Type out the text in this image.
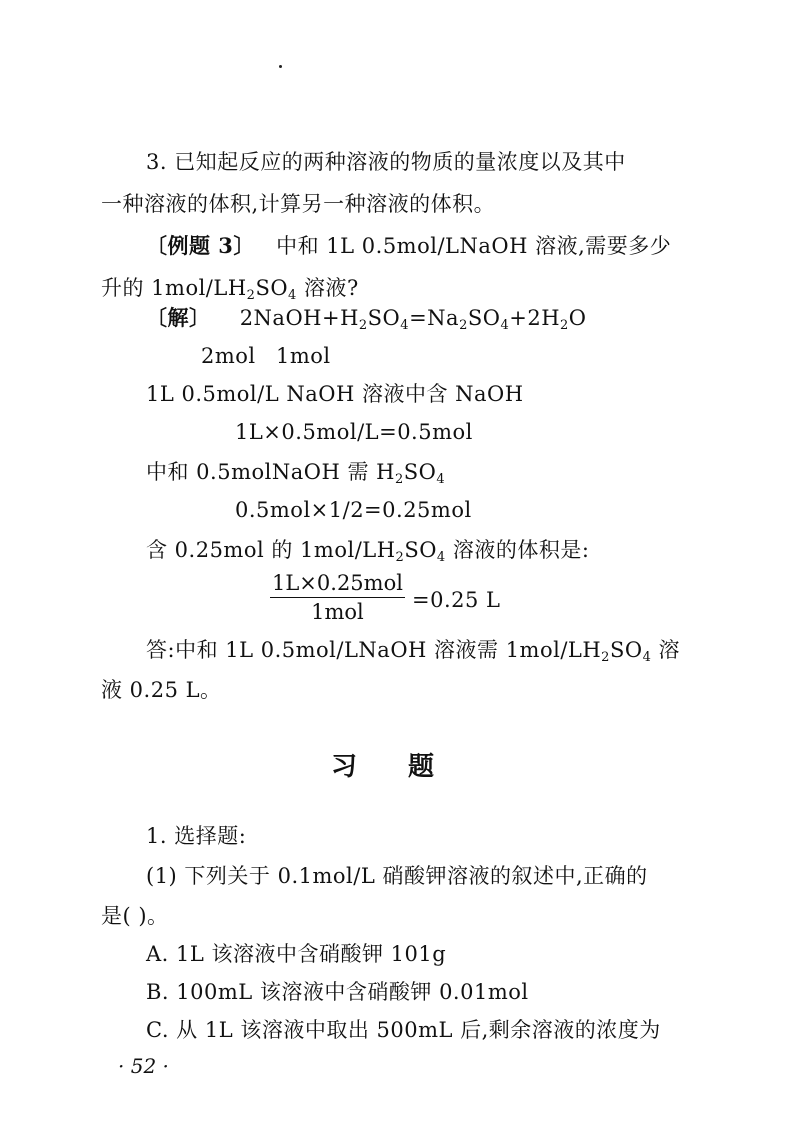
3. 已知起反应的两种溶液的物质的量浓度以及其中
一种溶液的体积,计算另一种溶液的体积。
〔例题 3〕 中和 1L 0.5mol/LNaOH 溶液,需要多少
升的 $1mol/LH_2SO_4$ 溶液?
〔解〕 $2NaOH+H_2SO_4=Na_2SO_4+2H_2O$
2mol 1mol
1L 0.5mol/L NaOH 溶液中含 NaOH
1L×0.5mol/L=0.5mol
中和 0.5molNaOH 需 $H_2SO_4$
0.5mol×1/2=0.25mol
含 0.25mol 的 $1mol/LH_2SO_4$ 溶液的体积是:
1L×0.25mol
1mol	=0.25 L
答:中和 1L 0.5mol/LNaOH 溶液需 $1mol/LH_2SO_4$ 溶
液 0.25 L。
习 题
1. 选择题:
(1) 下列关于 0.1mol/L 硝酸钾溶液的叙述中,正确的
是( )。
A. 1L 该溶液中含硝酸钾 101g
B. 100mL 该溶液中含硝酸钾 0.01mol
C. 从 1L 该溶液中取出 500mL 后,剩余溶液的浓度为
· 52 ·
